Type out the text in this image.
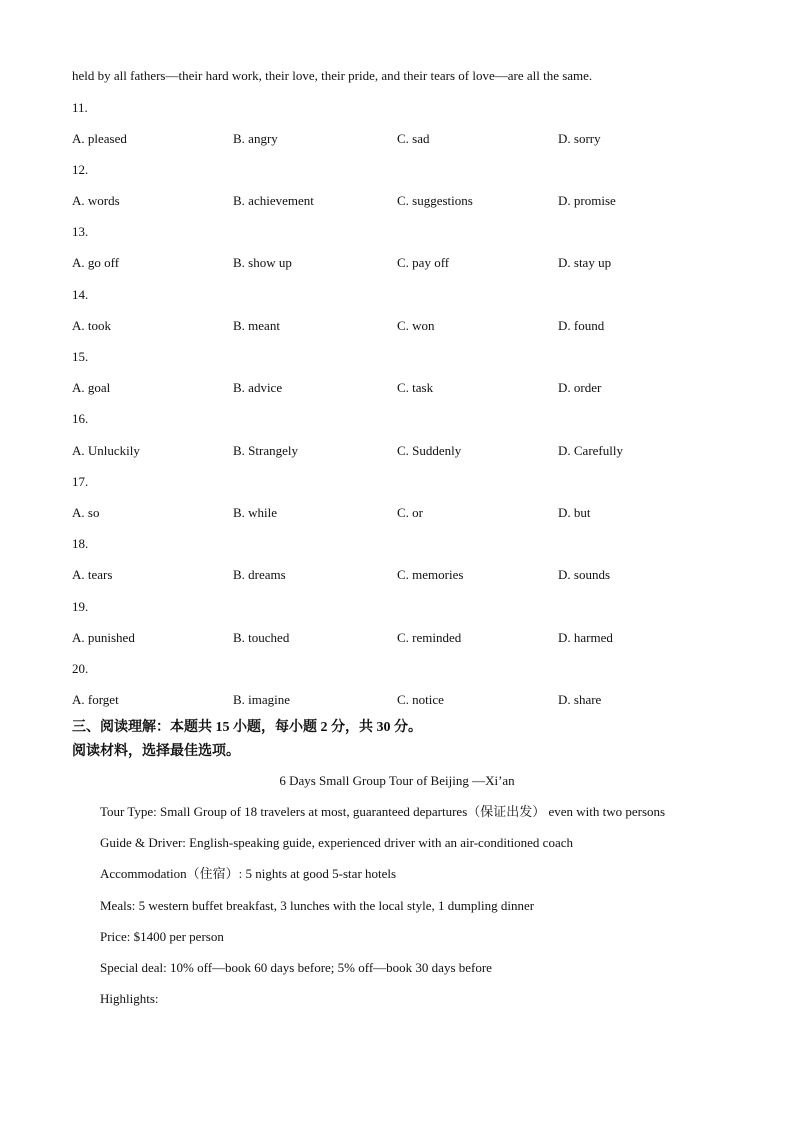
held by all fathers—their hard work, their love, their pride, and their tears of love—are all the same.
11.
A. pleased	B. angry	C. sad	D. sorry
12.
A. words	B. achievement	C. suggestions	D. promise
13.
A. go off	B. show up	C. pay off	D. stay up
14.
A. took	B. meant	C. won	D. found
15.
A. goal	B. advice	C. task	D. order
16.
A. Unluckily	B. Strangely	C. Suddenly	D. Carefully
17.
A. so	B. while	C. or	D. but
18.
A. tears	B. dreams	C. memories	D. sounds
19.
A. punished	B. touched	C. reminded	D. harmed
20.
A. forget	B. imagine	C. notice	D. share
三、阅读理解：本题共 15 小题，每小题 2 分，共 30 分。
阅读材料，选择最佳选项。
6 Days Small Group Tour of Beijing —Xi’an
Tour Type: Small Group of 18 travelers at most, guaranteed departures（保证出发） even with two persons
Guide & Driver: English-speaking guide, experienced driver with an air-conditioned coach
Accommodation（住宿）: 5 nights at good 5-star hotels
Meals: 5 western buffet breakfast, 3 lunches with the local style, 1 dumpling dinner
Price: $1400 per person
Special deal: 10% off—book 60 days before; 5% off—book 30 days before
Highlights:
